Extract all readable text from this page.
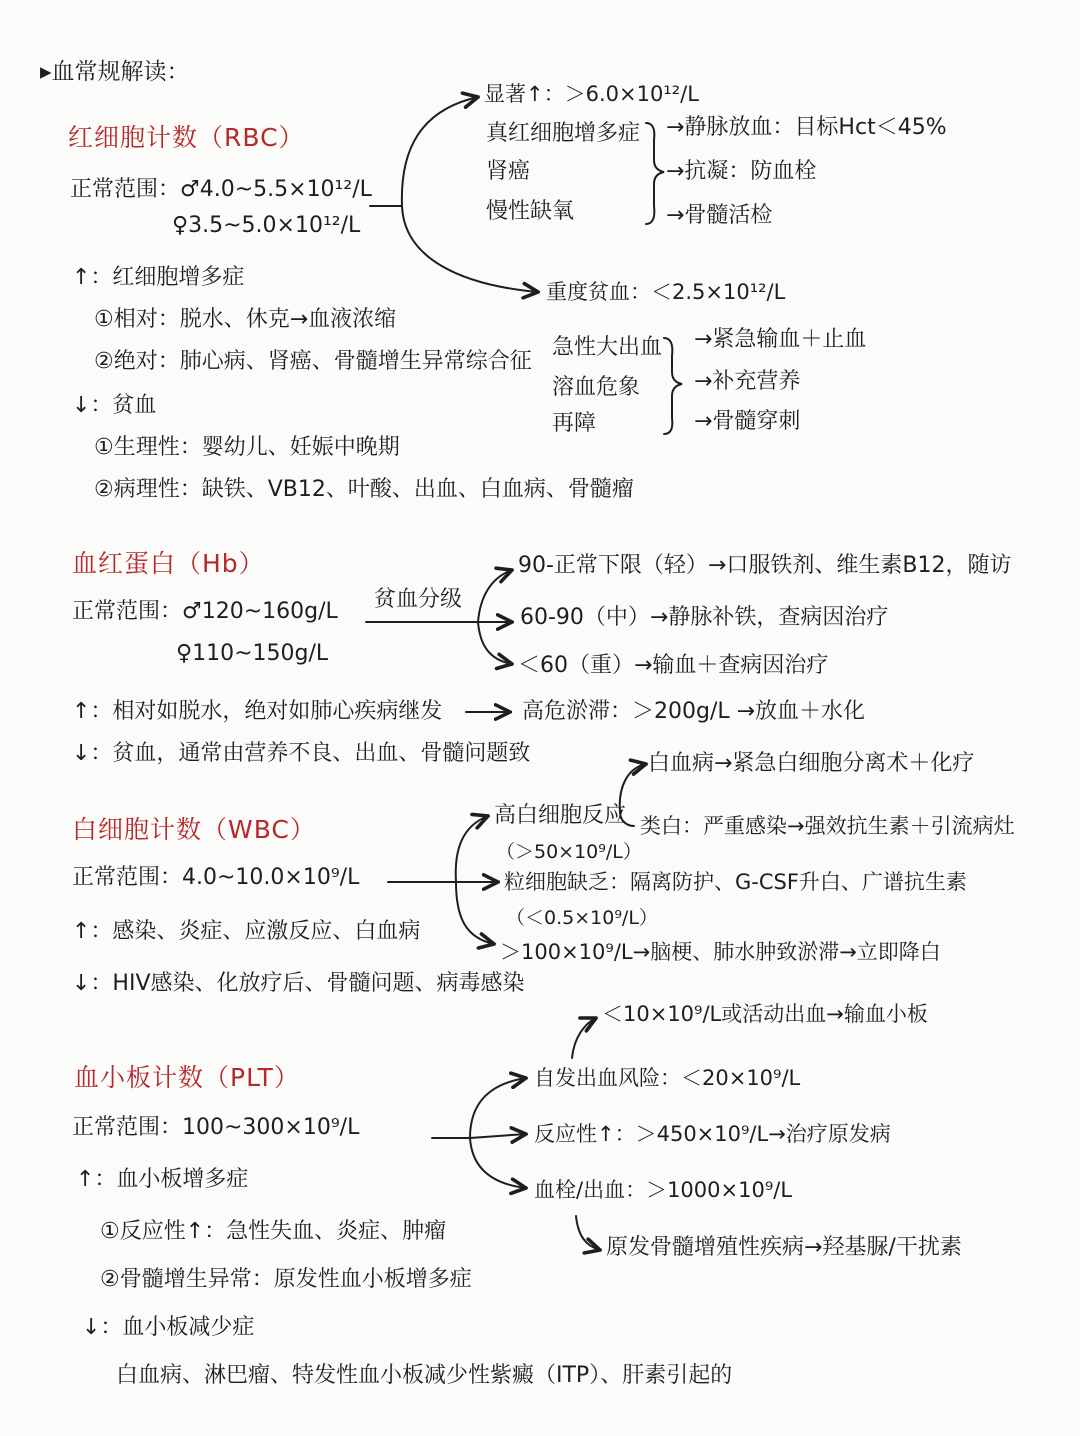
▸血常规解读：
红细胞计数（RBC）
正常范围：♂4.0~5.5×10¹²/L
♀3.5~5.0×10¹²/L
↑：红细胞增多症
①相对：脱水、休克→血液浓缩
②绝对：肺心病、肾癌、骨髓增生异常综合征
↓：贫血
①生理性：婴幼儿、妊娠中晚期
②病理性：缺铁、VB12、叶酸、出血、白血病、骨髓瘤
显著↑：＞6.0×10¹²/L
真红细胞增多症
肾癌
慢性缺氧
→静脉放血：目标Hct＜45%
→抗凝：防血栓
→骨髓活检
重度贫血：＜2.5×10¹²/L
急性大出血
溶血危象
再障
→紧急输血＋止血
→补充营养
→骨髓穿刺
血红蛋白（Hb）
正常范围：♂120~160g/L
♀110~150g/L
贫血分级
90-正常下限（轻）→口服铁剂、维生素B12，随访
60-90（中）→静脉补铁，查病因治疗
＜60（重）→输血＋查病因治疗
↑：相对如脱水，绝对如肺心疾病继发	高危淤滞：＞200g/L →放血＋水化
↓：贫血，通常由营养不良、出血、骨髓问题致
白细胞计数（WBC）
正常范围：4.0~10.0×10⁹/L
↑：感染、炎症、应激反应、白血病
↓：HIV感染、化放疗后、骨髓问题、病毒感染
高白细胞反应
（＞50×10⁹/L）
白血病→紧急白细胞分离术＋化疗
类白：严重感染→强效抗生素＋引流病灶
粒细胞缺乏：隔离防护、G-CSF升白、广谱抗生素
（＜0.5×10⁹/L）
＞100×10⁹/L→脑梗、肺水肿致淤滞→立即降白
血小板计数（PLT）
正常范围：100~300×10⁹/L
↑：血小板增多症
①反应性↑：急性失血、炎症、肿瘤
②骨髓增生异常：原发性血小板增多症
↓：血小板减少症
白血病、淋巴瘤、特发性血小板减少性紫癜（ITP）、肝素引起的
＜10×10⁹/L或活动出血→输血小板
自发出血风险：＜20×10⁹/L
反应性↑：＞450×10⁹/L→治疗原发病
血栓/出血：＞1000×10⁹/L
原发骨髓增殖性疾病→羟基脲/干扰素
